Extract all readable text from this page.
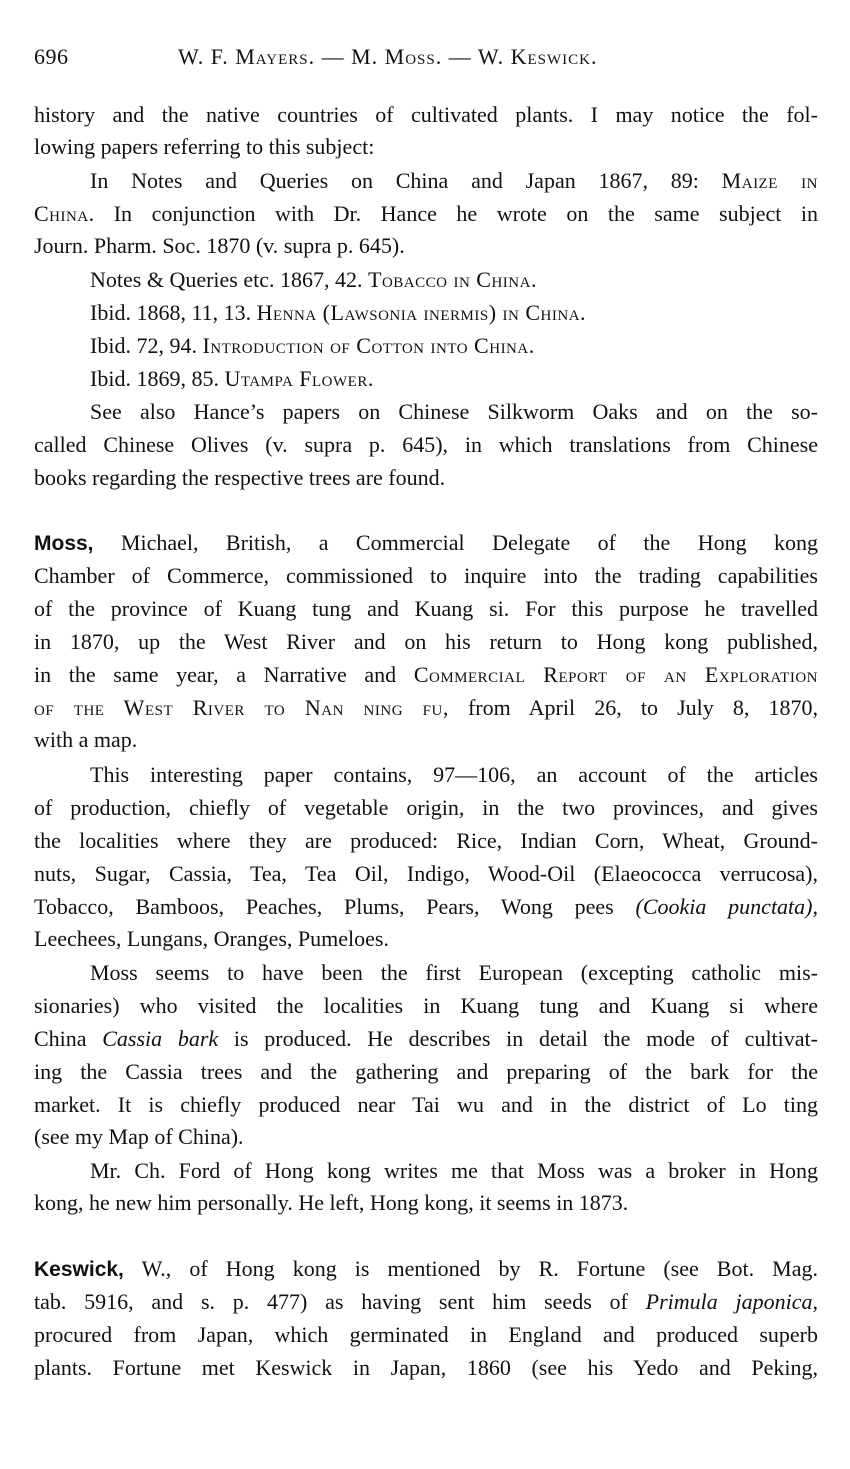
696	W. F. Mayers. — M. Moss. — W. Keswick.
history and the native countries of cultivated plants. I may notice the fol-
lowing papers referring to this subject:
In Notes and Queries on China and Japan 1867, 89: Maize in
China. In conjunction with Dr. Hance he wrote on the same subject in
Journ. Pharm. Soc. 1870 (v. supra p. 645).
Notes & Queries etc. 1867, 42. Tobacco in China.
Ibid. 1868, 11, 13. Henna (Lawsonia inermis) in China.
Ibid. 72, 94. Introduction of Cotton into China.
Ibid. 1869, 85. Utampa Flower.
See also Hance’s papers on Chinese Silkworm Oaks and on the so-
called Chinese Olives (v. supra p. 645), in which translations from Chinese
books regarding the respective trees are found.
Moss, Michael, British, a Commercial Delegate of the Hong kong
Chamber of Commerce, commissioned to inquire into the trading capabilities
of the province of Kuang tung and Kuang si. For this purpose he travelled
in 1870, up the West River and on his return to Hong kong published,
in the same year, a Narrative and Commercial Report of an Exploration
of the West River to Nan ning fu, from April 26, to July 8, 1870,
with a map.
This interesting paper contains, 97—106, an account of the articles
of production, chiefly of vegetable origin, in the two provinces, and gives
the localities where they are produced: Rice, Indian Corn, Wheat, Ground-
nuts, Sugar, Cassia, Tea, Tea Oil, Indigo, Wood-Oil (Elaeococca verrucosa),
Tobacco, Bamboos, Peaches, Plums, Pears, Wong pees (Cookia punctata),
Leechees, Lungans, Oranges, Pumeloes.
Moss seems to have been the first European (excepting catholic mis-
sionaries) who visited the localities in Kuang tung and Kuang si where
China Cassia bark is produced. He describes in detail the mode of cultivat-
ing the Cassia trees and the gathering and preparing of the bark for the
market. It is chiefly produced near Tai wu and in the district of Lo ting
(see my Map of China).
Mr. Ch. Ford of Hong kong writes me that Moss was a broker in Hong
kong, he new him personally. He left, Hong kong, it seems in 1873.
Keswick, W., of Hong kong is mentioned by R. Fortune (see Bot. Mag.
tab. 5916, and s. p. 477) as having sent him seeds of Primula japonica,
procured from Japan, which germinated in England and produced superb
plants. Fortune met Keswick in Japan, 1860 (see his Yedo and Peking,
